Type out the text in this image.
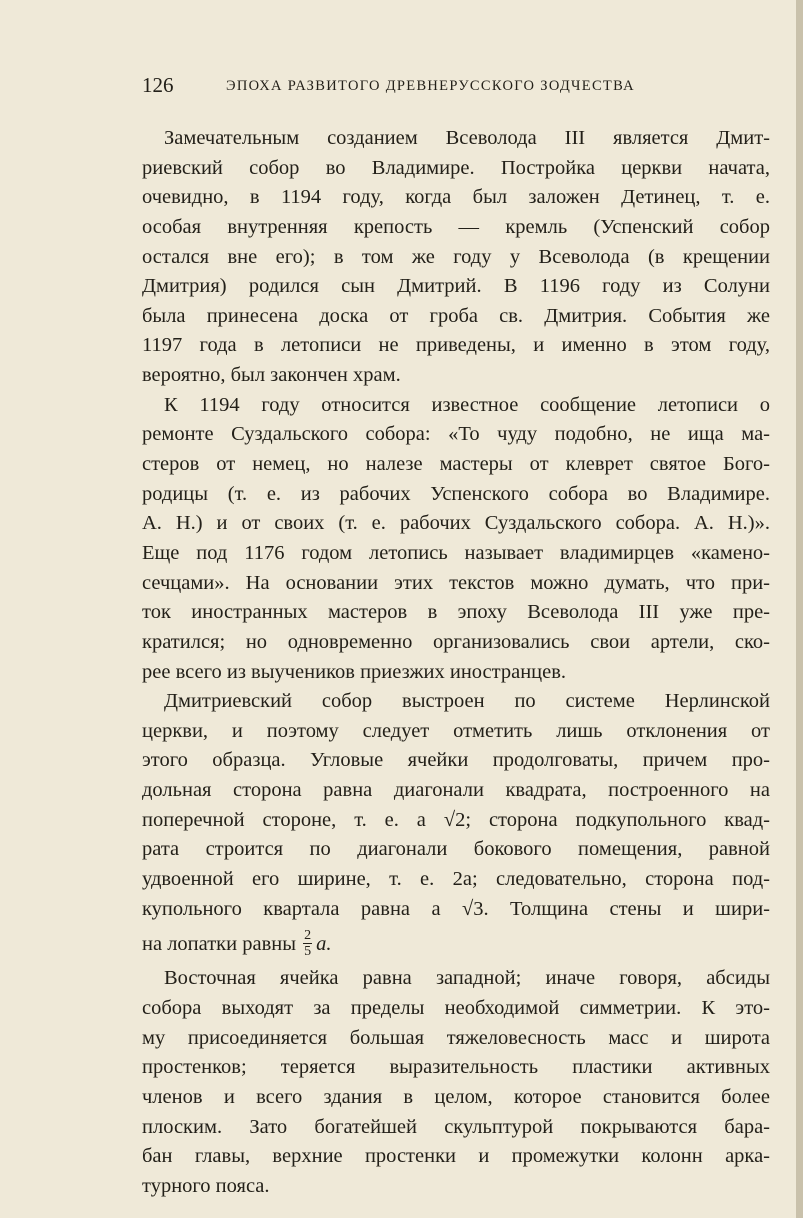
126	ЭПОХА РАЗВИТОГО ДРЕВНЕРУССКОГО ЗОДЧЕСТВА
Замечательным созданием Всеволода III является Дмит-
риевский собор во Владимире. Постройка церкви начата,
очевидно, в 1194 году, когда был заложен Детинец, т. е.
особая внутренняя крепость — кремль (Успенский собор
остался вне его); в том же году у Всеволода (в крещении
Дмитрия) родился сын Дмитрий. В 1196 году из Солуни
была принесена доска от гроба св. Дмитрия. События же
1197 года в летописи не приведены, и именно в этом году,
вероятно, был закончен храм.
К 1194 году относится известное сообщение летописи о
ремонте Суздальского собора: «То чуду подобно, не ища ма-
стеров от немец, но налезе мастеры от клеврет святое Бого-
родицы (т. е. из рабочих Успенского собора во Владимире.
А. Н.) и от своих (т. е. рабочих Суздальского собора. А. Н.)».
Еще под 1176 годом летопись называет владимирцев «камено-
сечцами». На основании этих текстов можно думать, что при-
ток иностранных мастеров в эпоху Всеволода III уже пре-
кратился; но одновременно организовались свои артели, ско-
рее всего из выучеников приезжих иностранцев.
Дмитриевский собор выстроен по системе Нерлинской
церкви, и поэтому следует отметить лишь отклонения от
этого образца. Угловые ячейки продолговаты, причем про-
дольная сторона равна диагонали квадрата, построенного на
поперечной стороне, т. е. a √2; сторона подкупольного квад-
рата строится по диагонали бокового помещения, равной
удвоенной его ширине, т. е. 2a; следовательно, сторона под-
купольного квартала равна a √3. Толщина стены и шири-
на лопатки равны $\frac{2}{5} a$.
Восточная ячейка равна западной; иначе говоря, абсиды
собора выходят за пределы необходимой симметрии. К это-
му присоединяется большая тяжеловесность масс и широта
простенков; теряется выразительность пластики активных
членов и всего здания в целом, которое становится более
плоским. Зато богатейшей скульптурой покрываются бара-
бан главы, верхние простенки и промежутки колонн арка-
турного пояса.
